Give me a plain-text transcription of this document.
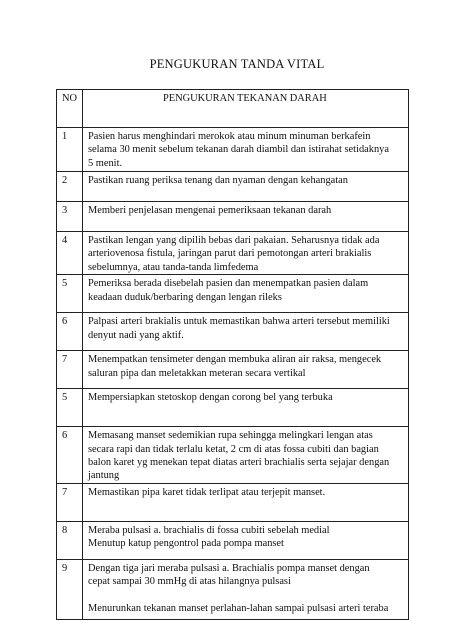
PENGUKURAN TANDA VITAL
NO	PENGUKURAN TEKANAN DARAH
1	Pasien harus menghindari merokok atau minum minuman berkafein
selama 30 menit sebelum tekanan darah diambil dan istirahat setidaknya
5 menit.
2	Pastikan ruang periksa tenang dan nyaman dengan kehangatan
3	Memberi penjelasan mengenai pemeriksaan tekanan darah
4	Pastikan lengan yang dipilih bebas dari pakaian. Seharusnya tidak ada
arteriovenosa fistula, jaringan parut dari pemotongan arteri brakialis
sebelumnya, atau tanda-tanda limfedema
5	Pemeriksa berada disebelah pasien dan menempatkan pasien dalam
keadaan duduk/berbaring dengan lengan rileks
6	Palpasi arteri brakialis untuk memastikan bahwa arteri tersebut memiliki
denyut nadi yang aktif.
7	Menempatkan tensimeter dengan membuka aliran air raksa, mengecek
saluran pipa dan meletakkan meteran secara vertikal
5	Mempersiapkan stetoskop dengan corong bel yang terbuka
6	Memasang manset sedemikian rupa sehingga melingkari lengan atas
secara rapi dan tidak terlalu ketat, 2 cm di atas fossa cubiti dan bagian
balon karet yg menekan tepat diatas arteri brachialis serta sejajar dengan
jantung
7	Memastikan pipa karet tidak terlipat atau terjepit manset.
8	Meraba pulsasi a. brachialis di fossa cubiti sebelah medial
Menutup katup pengontrol pada pompa manset
9	Dengan tiga jari meraba pulsasi a. Brachialis pompa manset dengan
cepat sampai 30 mmHg di atas hilangnya pulsasi

Menurunkan tekanan manset perlahan-lahan sampai pulsasi arteri teraba
